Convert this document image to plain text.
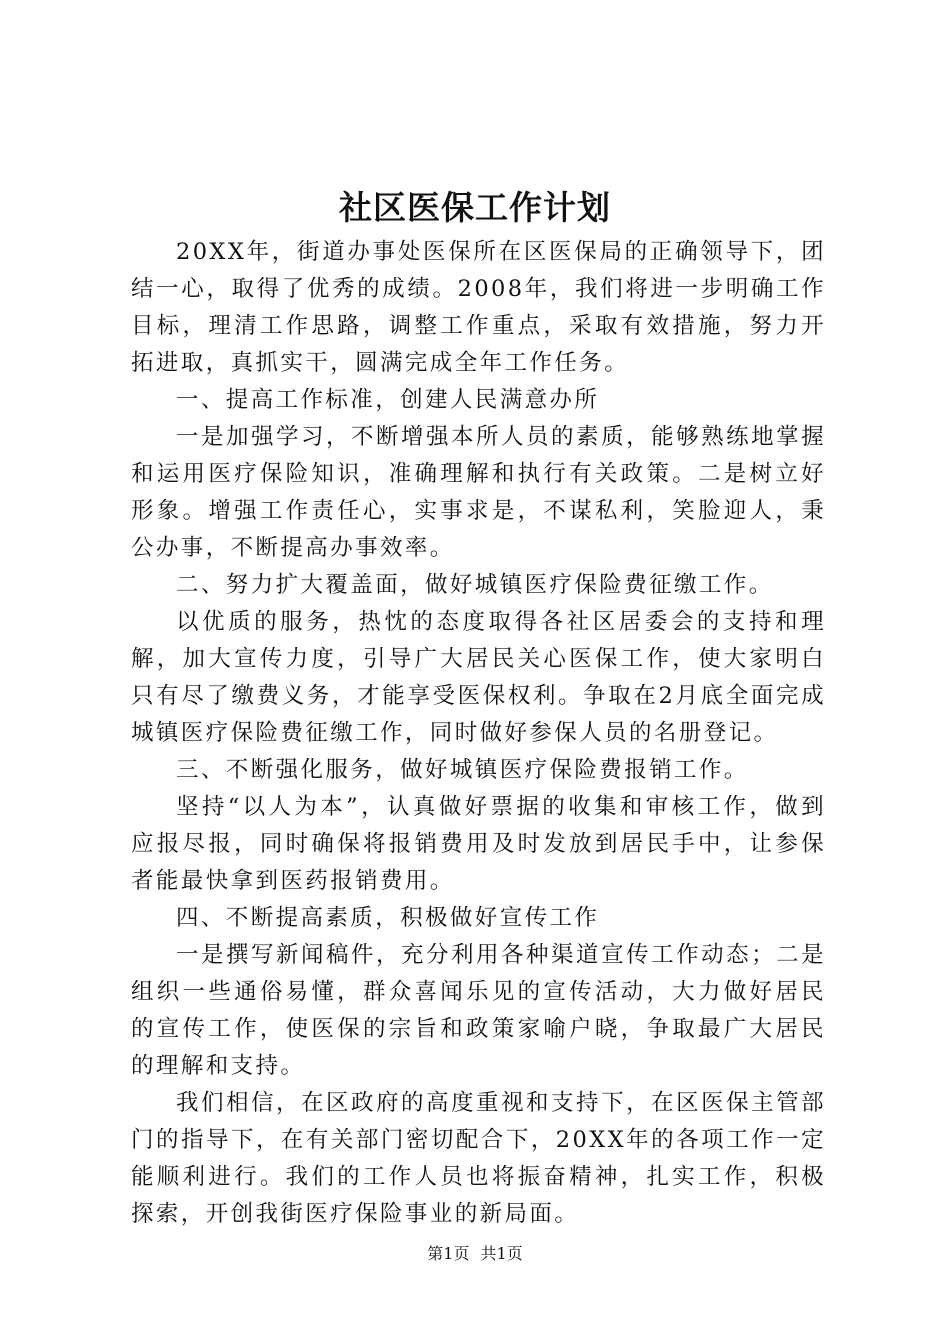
社区医保工作计划

20XX年，街道办事处医保所在区医保局的正确领导下，团结一心，取得了优秀的成绩。2008年，我们将进一步明确工作目标，理清工作思路，调整工作重点，采取有效措施，努力开拓进取，真抓实干，圆满完成全年工作任务。

一、提高工作标准，创建人民满意办所

一是加强学习，不断增强本所人员的素质，能够熟练地掌握和运用医疗保险知识，准确理解和执行有关政策。二是树立好形象。增强工作责任心，实事求是，不谋私利，笑脸迎人，秉公办事，不断提高办事效率。

二、努力扩大覆盖面，做好城镇医疗保险费征缴工作。

以优质的服务，热忱的态度取得各社区居委会的支持和理解，加大宣传力度，引导广大居民关心医保工作，使大家明白只有尽了缴费义务，才能享受医保权利。争取在2月底全面完成城镇医疗保险费征缴工作，同时做好参保人员的名册登记。

三、不断强化服务，做好城镇医疗保险费报销工作。

坚持“以人为本”，认真做好票据的收集和审核工作，做到应报尽报，同时确保将报销费用及时发放到居民手中，让参保者能最快拿到医药报销费用。

四、不断提高素质，积极做好宣传工作

一是撰写新闻稿件，充分利用各种渠道宣传工作动态；二是组织一些通俗易懂，群众喜闻乐见的宣传活动，大力做好居民的宣传工作，使医保的宗旨和政策家喻户晓，争取最广大居民的理解和支持。

我们相信，在区政府的高度重视和支持下，在区医保主管部门的指导下，在有关部门密切配合下，20XX年的各项工作一定能顺利进行。我们的工作人员也将振奋精神，扎实工作，积极探索，开创我街医疗保险事业的新局面。

第1页 共1页
